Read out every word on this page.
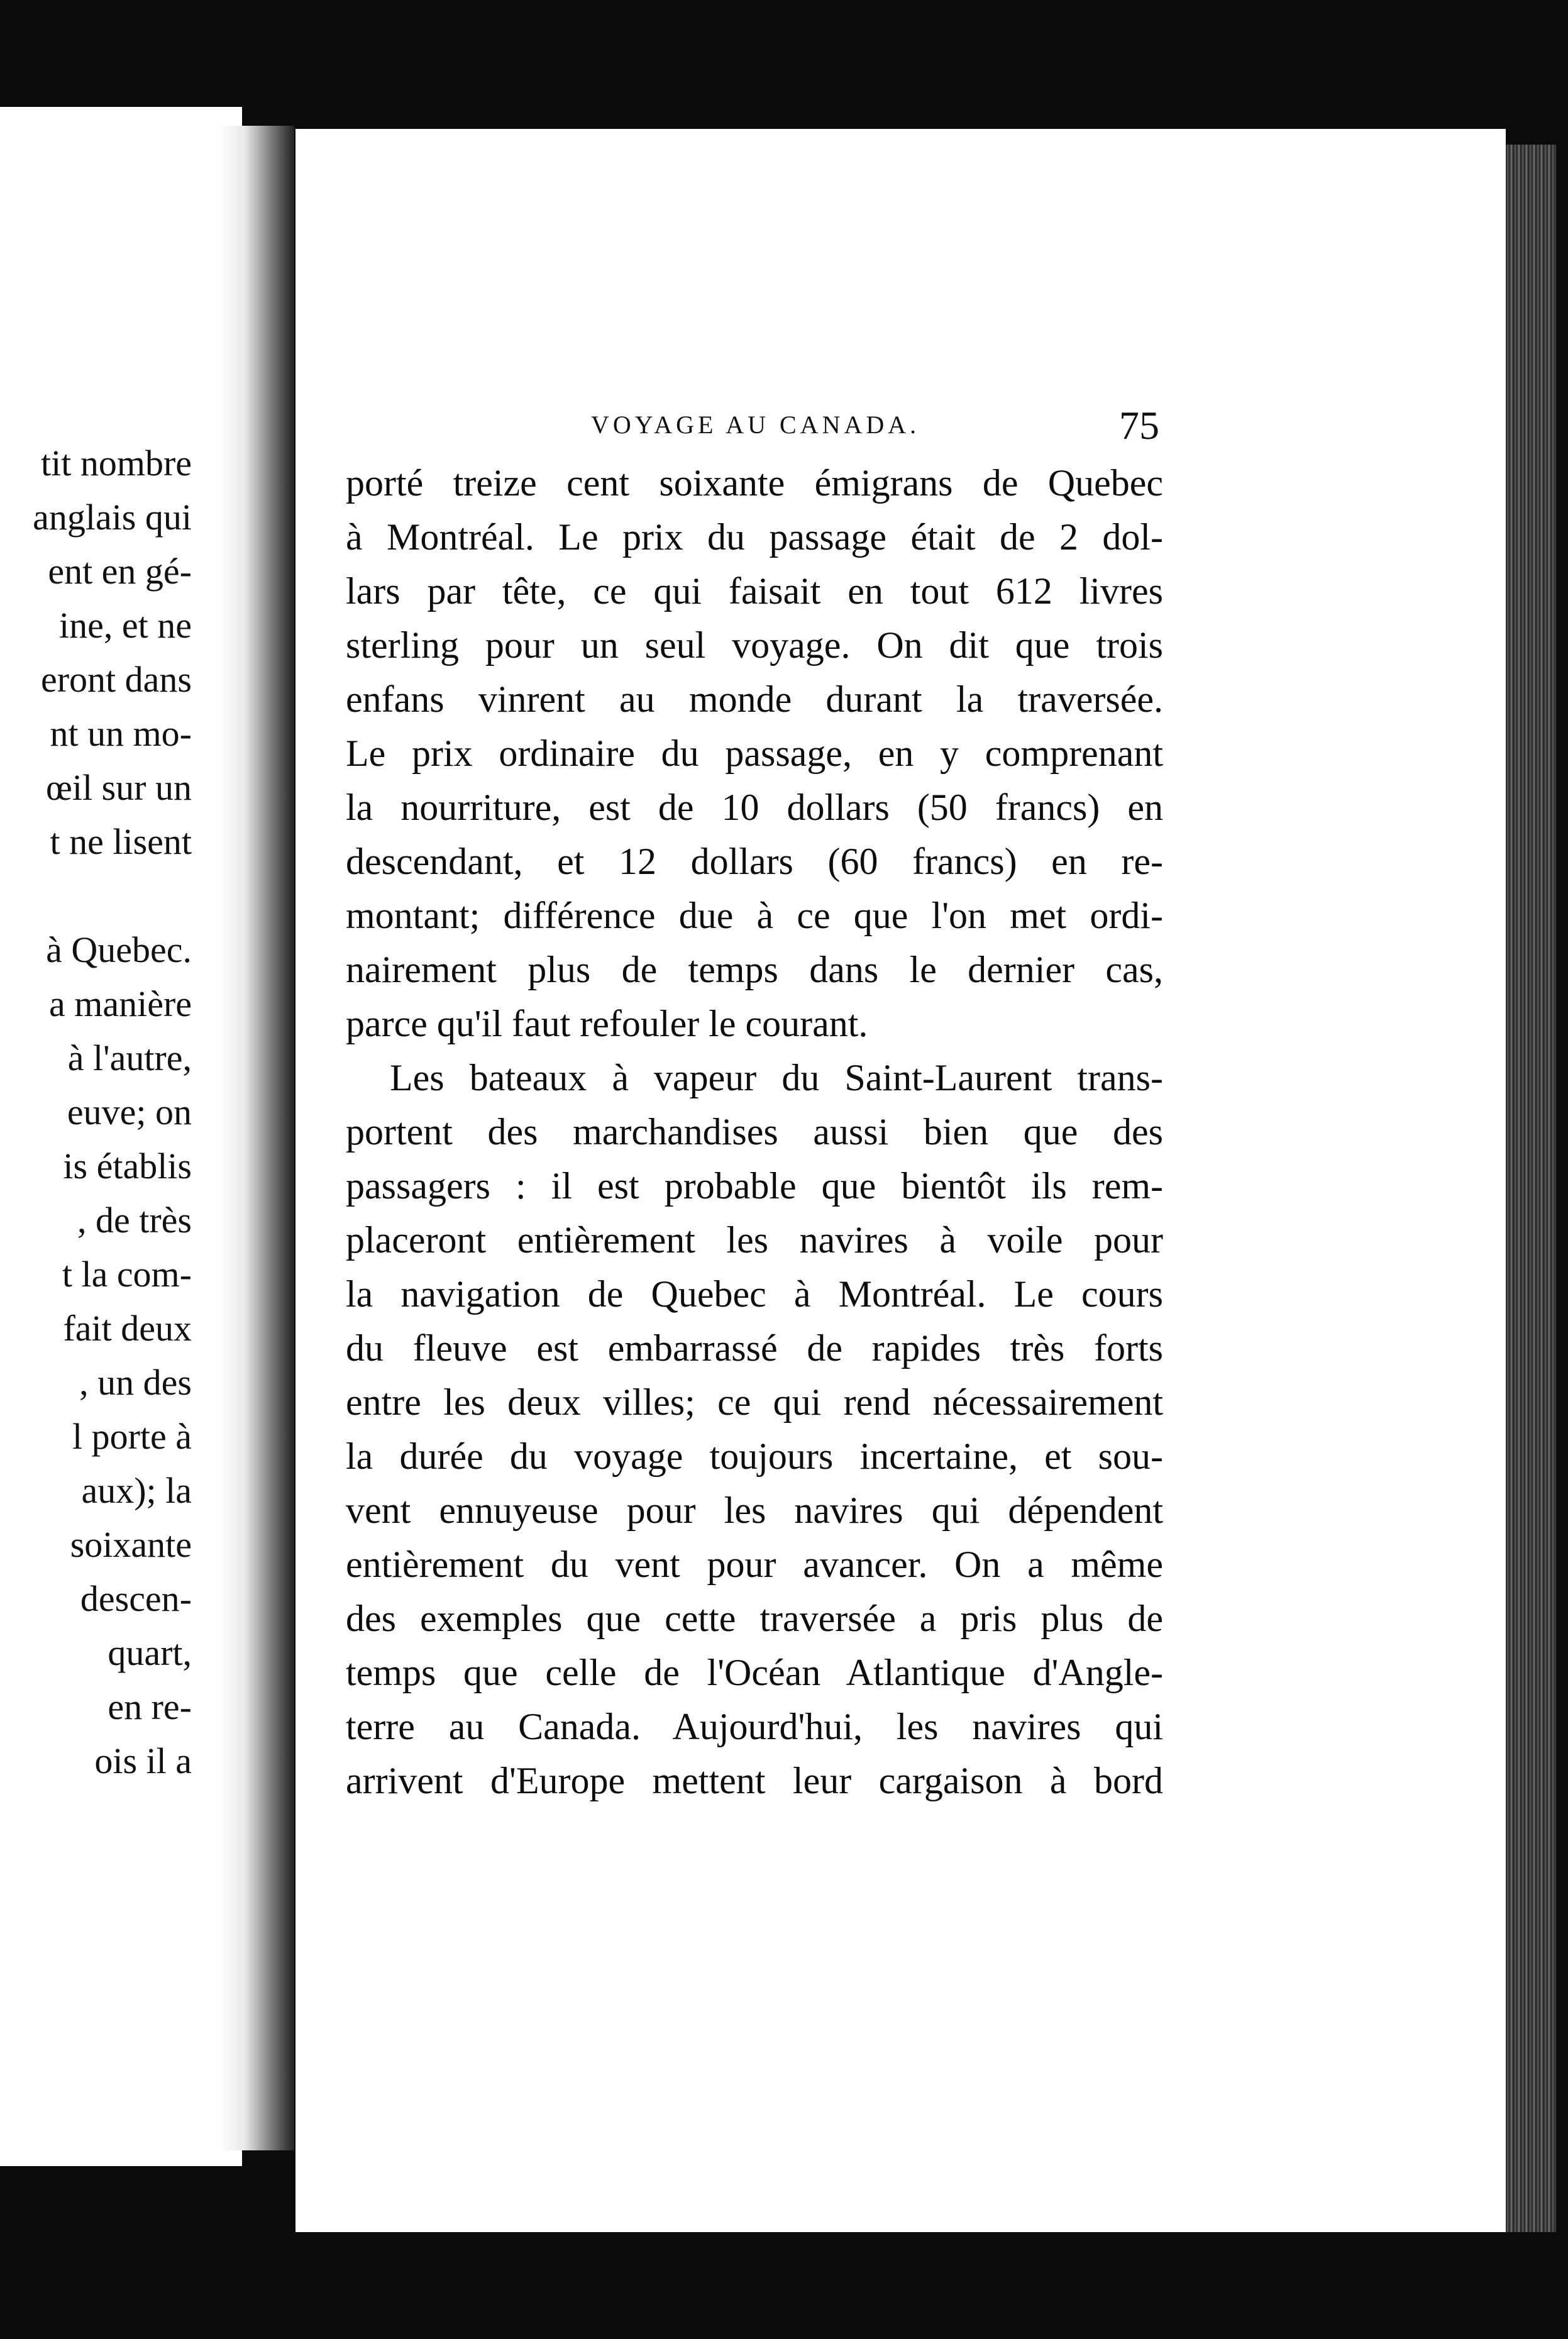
tit nombre

anglais qui

ent en gé-

ine, et ne

eront dans

nt un mo-

œil sur un

t ne lisent

à Quebec.

a manière

à l'autre,

euve; on

is établis

, de très

t la com-

fait deux

, un des

l porte à

aux); la

soixante

descen-

quart,

en re-

ois il a

VOYAGE AU CANADA.	75

porté treize cent soixante émigrans de Quebec

à Montréal. Le prix du passage était de 2 dol-

lars par tête, ce qui faisait en tout 612 livres

sterling pour un seul voyage. On dit que trois

enfans vinrent au monde durant la traversée.

Le prix ordinaire du passage, en y comprenant

la nourriture, est de 10 dollars (50 francs) en

descendant, et 12 dollars (60 francs) en re-

montant; différence due à ce que l'on met ordi-

nairement plus de temps dans le dernier cas,

parce qu'il faut refouler le courant.

Les bateaux à vapeur du Saint-Laurent trans-

portent des marchandises aussi bien que des

passagers : il est probable que bientôt ils rem-

placeront entièrement les navires à voile pour

la navigation de Quebec à Montréal. Le cours

du fleuve est embarrassé de rapides très forts

entre les deux villes; ce qui rend nécessairement

la durée du voyage toujours incertaine, et sou-

vent ennuyeuse pour les navires qui dépendent

entièrement du vent pour avancer. On a même

des exemples que cette traversée a pris plus de

temps que celle de l'Océan Atlantique d'Angle-

terre au Canada. Aujourd'hui, les navires qui

arrivent d'Europe mettent leur cargaison à bord
